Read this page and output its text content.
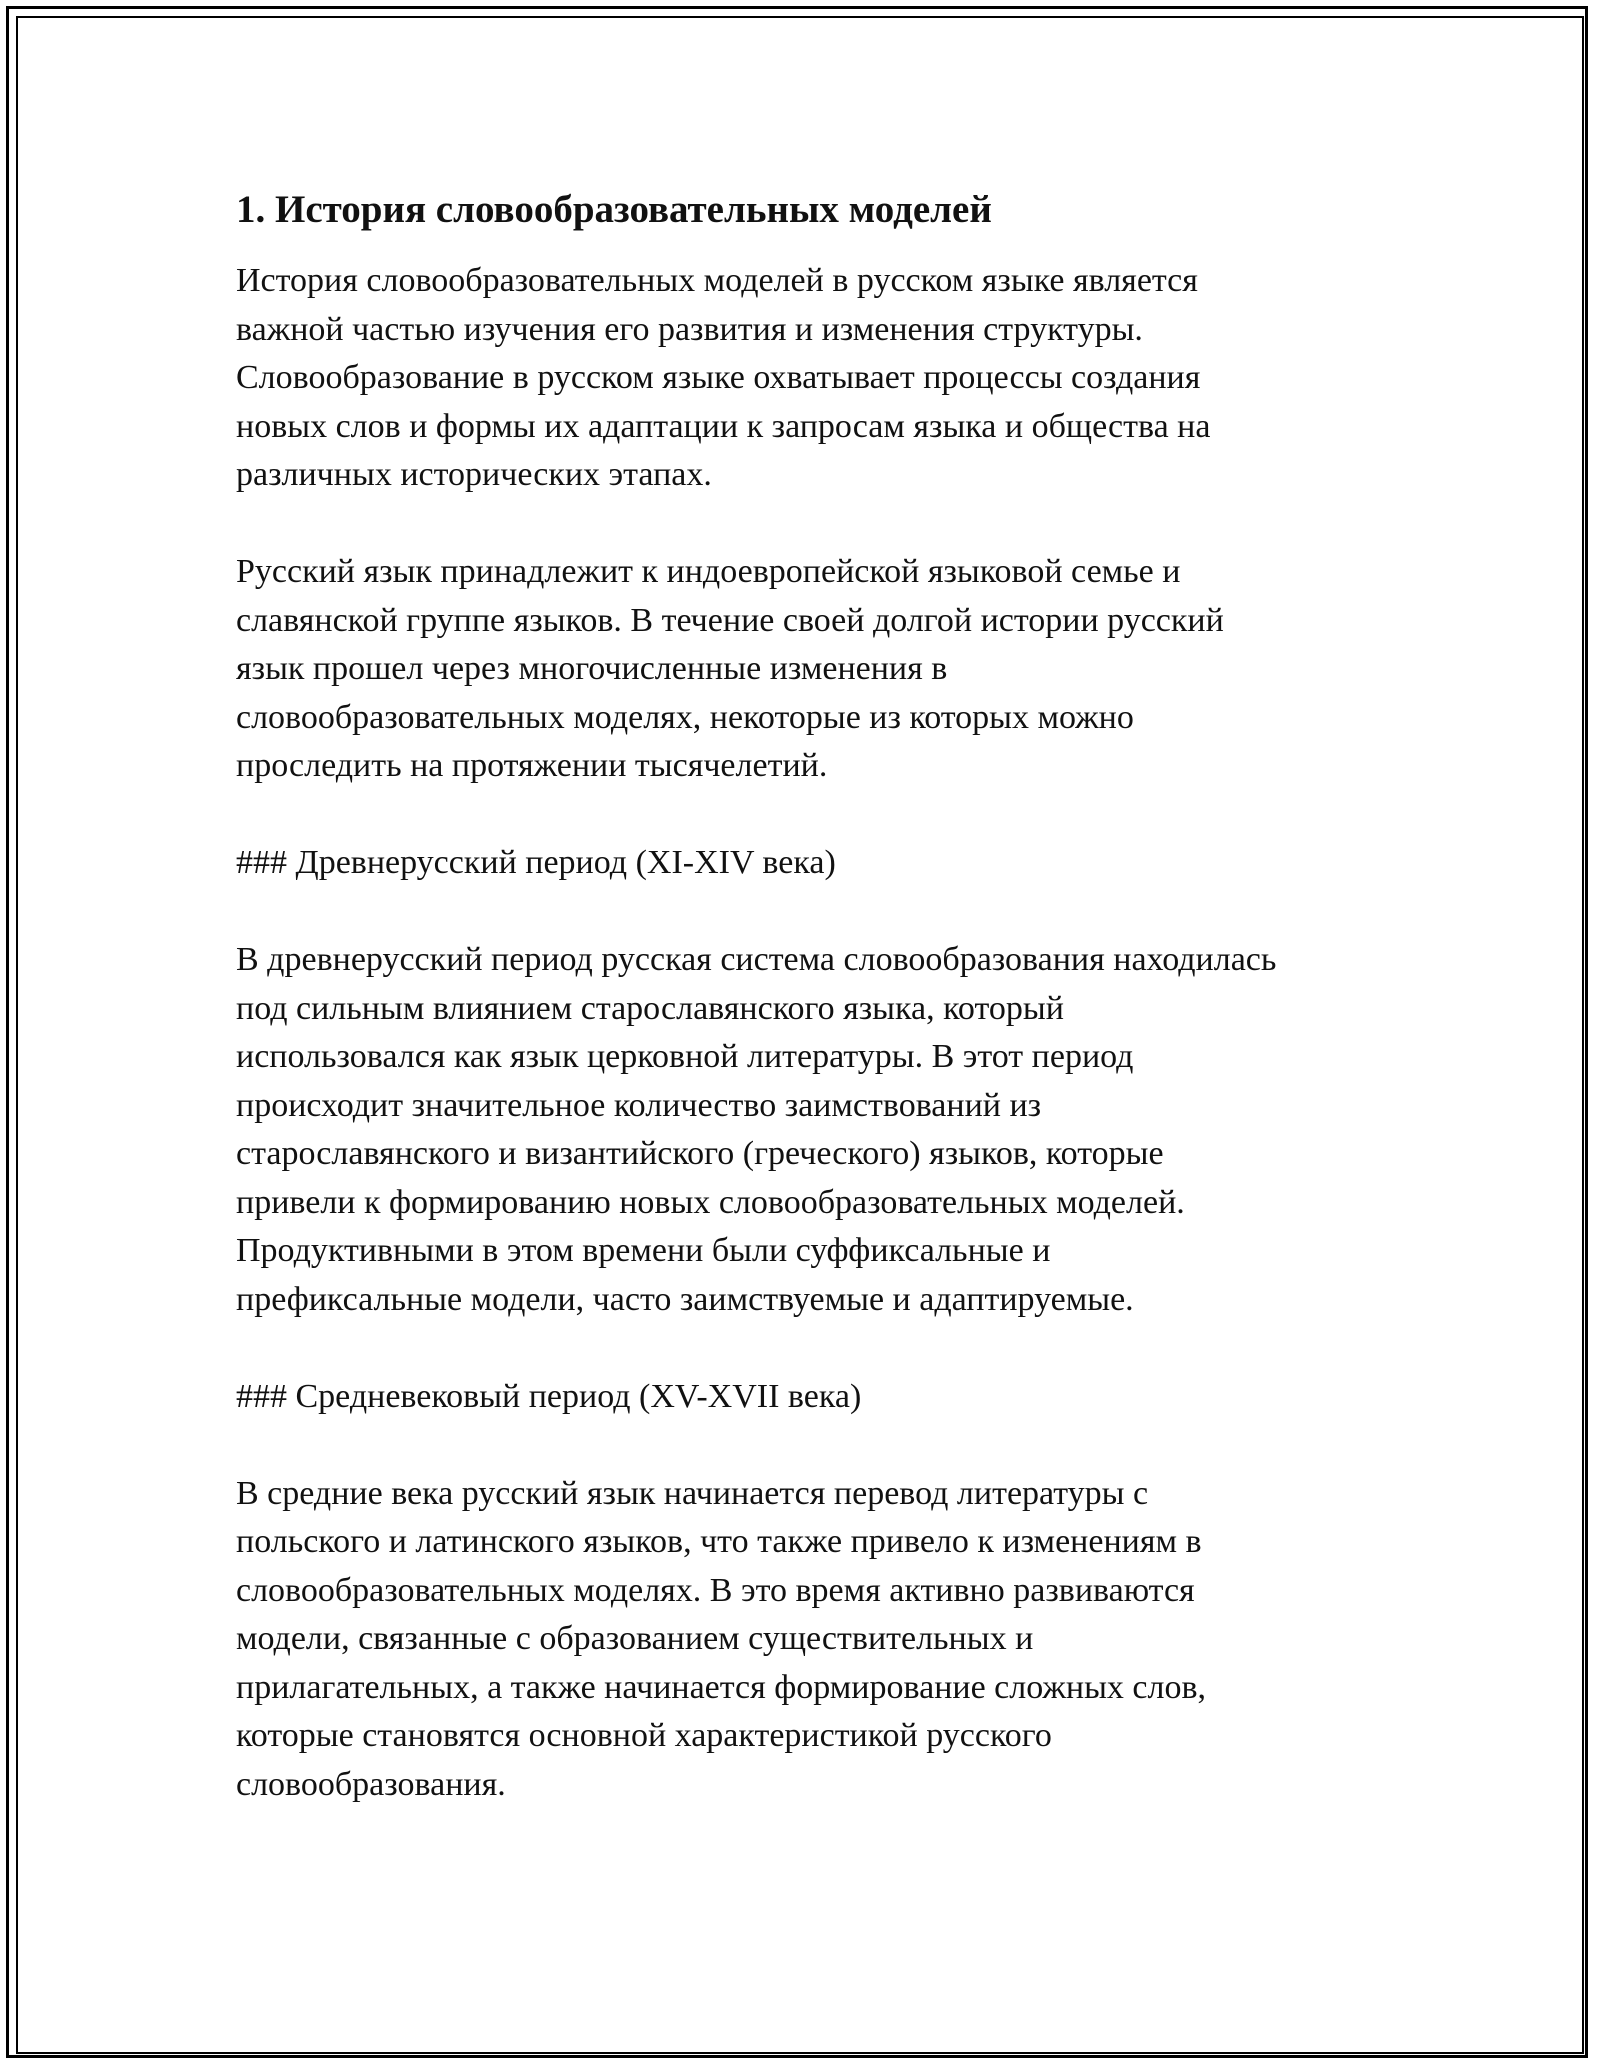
1. История словообразовательных моделей

История словообразовательных моделей в русском языке является
важной частью изучения его развития и изменения структуры.
Словообразование в русском языке охватывает процессы создания
новых слов и формы их адаптации к запросам языка и общества на
различных исторических этапах.

Русский язык принадлежит к индоевропейской языковой семье и
славянской группе языков. В течение своей долгой истории русский
язык прошел через многочисленные изменения в
словообразовательных моделях, некоторые из которых можно
проследить на протяжении тысячелетий.

### Древнерусский период (XI-XIV века)

В древнерусский период русская система словообразования находилась
под сильным влиянием старославянского языка, который
использовался как язык церковной литературы. В этот период
происходит значительное количество заимствований из
старославянского и византийского (греческого) языков, которые
привели к формированию новых словообразовательных моделей.
Продуктивными в этом времени были суффиксальные и
префиксальные модели, часто заимствуемые и адаптируемые.

### Средневековый период (XV-XVII века)

В средние века русский язык начинается перевод литературы с
польского и латинского языков, что также привело к изменениям в
словообразовательных моделях. В это время активно развиваются
модели, связанные с образованием существительных и
прилагательных, а также начинается формирование сложных слов,
которые становятся основной характеристикой русского
словообразования.
